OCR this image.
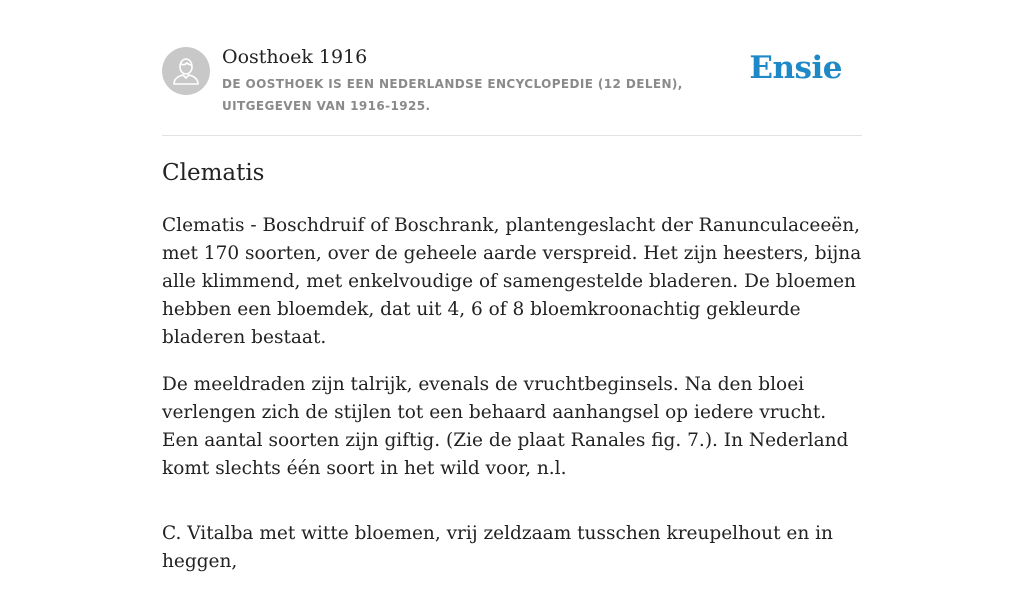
Oosthoek 1916
DE OOSTHOEK IS EEN NEDERLANDSE ENCYCLOPEDIE (12 DELEN), UITGEGEVEN VAN 1916-1925.
Ensie
Clematis

Clematis - Boschdruif of Boschrank, plantengeslacht der Ranunculaceeën, met 170 soorten, over de geheele aarde verspreid. Het zijn heesters, bijna alle klimmend, met enkelvoudige of samengestelde bladeren. De bloemen hebben een bloemdek, dat uit 4, 6 of 8 bloemkroonachtig gekleurde bladeren bestaat.

De meeldraden zijn talrijk, evenals de vruchtbeginsels. Na den bloei verlengen zich de stijlen tot een behaard aanhangsel op iedere vrucht. Een aantal soorten zijn giftig. (Zie de plaat Ranales fig. 7.). In Nederland komt slechts één soort in het wild voor, n.l.

C. Vitalba met witte bloemen, vrij zeldzaam tusschen kreupelhout en in heggen,
